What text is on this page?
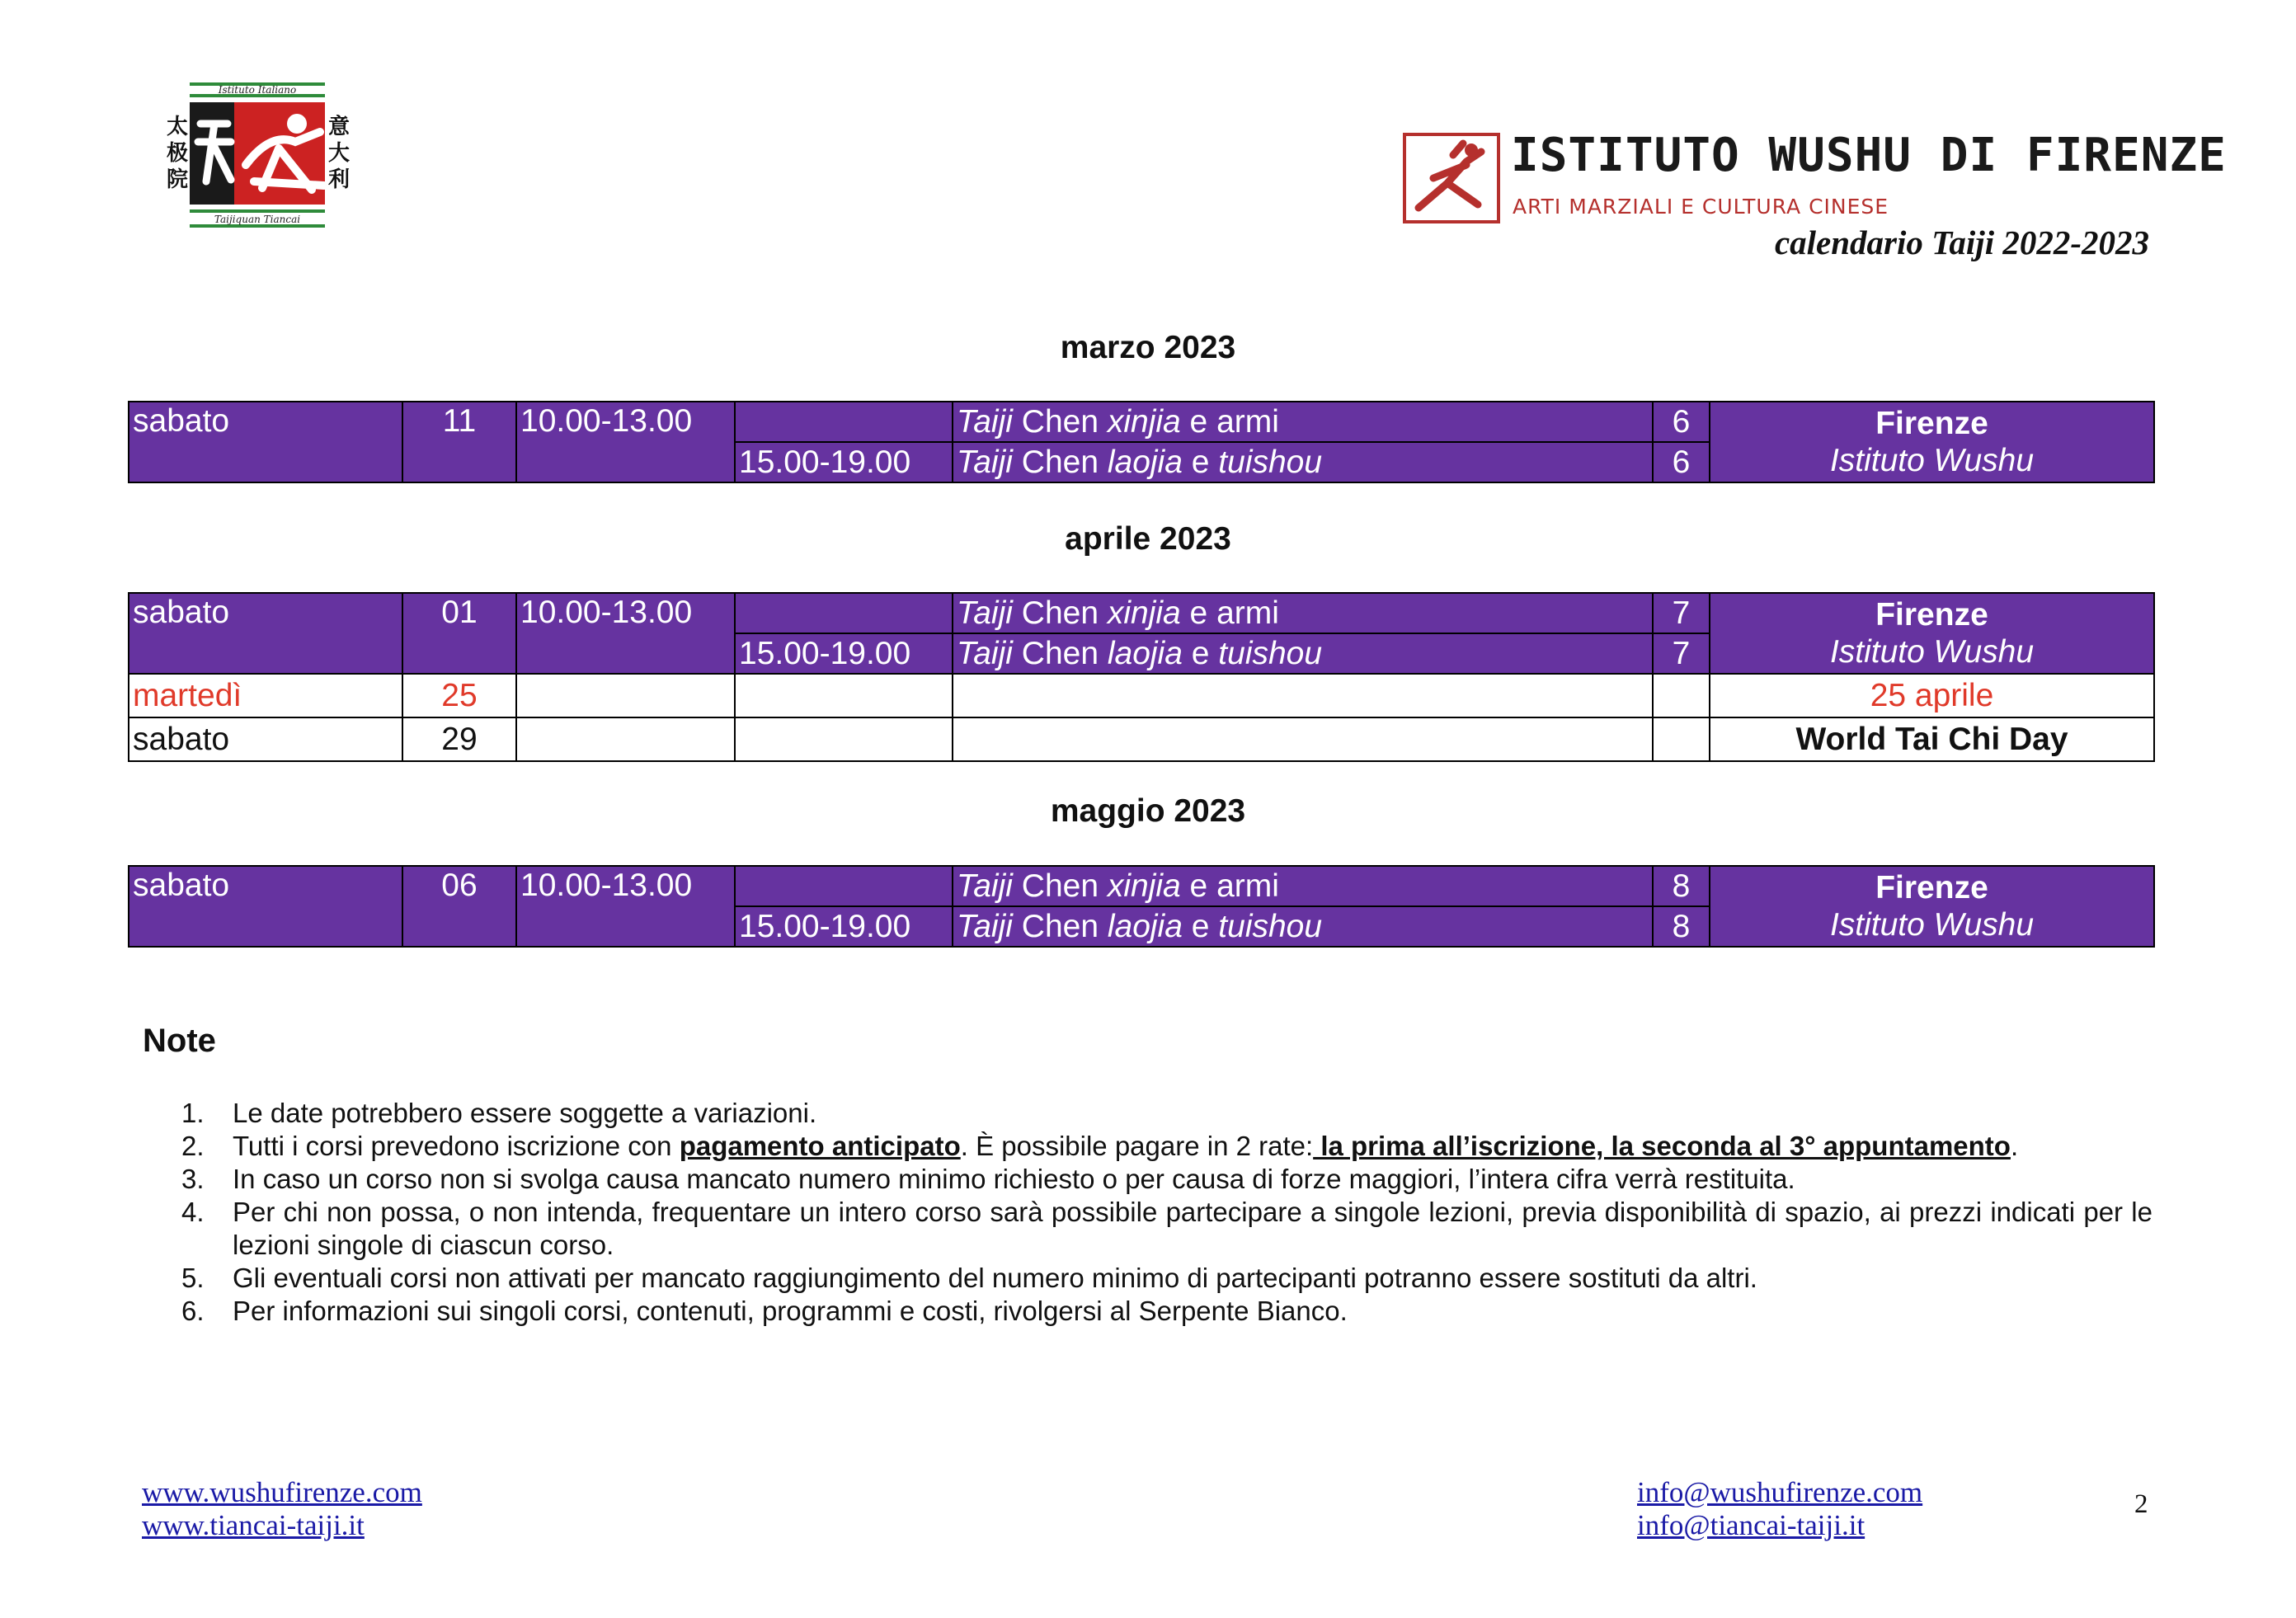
Istituto Italiano
Taijiquan Tiancai
太
极
院
意
大
利	ISTITUTO WUSHU DI FIRENZE
ARTI MARZIALI E CULTURA CINESE
calendario Taiji 2022-2023
marzo 2023
sabato	11	10.00-13.00		Taiji Chen xinjia e armi	6	Firenze
Istituto Wushu

			15.00-19.00	Taiji Chen laojia e tuishou	6	
aprile 2023
sabato	01	10.00-13.00		Taiji Chen xinjia e armi	7	Firenze
Istituto Wushu

			15.00-19.00	Taiji Chen laojia e tuishou	7	
martedì	25					25 aprile
sabato	29					World Tai Chi Day
maggio 2023
sabato	06	10.00-13.00		Taiji Chen xinjia e armi	8	Firenze
Istituto Wushu

			15.00-19.00	Taiji Chen laojia e tuishou	8	
Note
1.	Le date potrebbero essere soggette a variazioni.
2.	Tutti i corsi prevedono iscrizione con pagamento anticipato. È possibile pagare in 2 rate: la prima all’iscrizione, la seconda al 3° appuntamento.
3.	In caso un corso non si svolga causa mancato numero minimo richiesto o per causa di forze maggiori, l’intera cifra verrà restituita.
4.	Per chi non possa, o non intenda, frequentare un intero corso sarà possibile partecipare a singole lezioni, previa disponibilità di spazio, ai prezzi indicati per le lezioni singole di ciascun corso.
5.	Gli eventuali corsi non attivati per mancato raggiungimento del numero minimo di partecipanti potranno essere sostituti da altri.
6.	Per informazioni sui singoli corsi, contenuti, programmi e costi, rivolgersi al Serpente Bianco.
www.wushufirenze.com
www.tiancai-taiji.it
info@wushufirenze.com
info@tiancai-taiji.it
2
